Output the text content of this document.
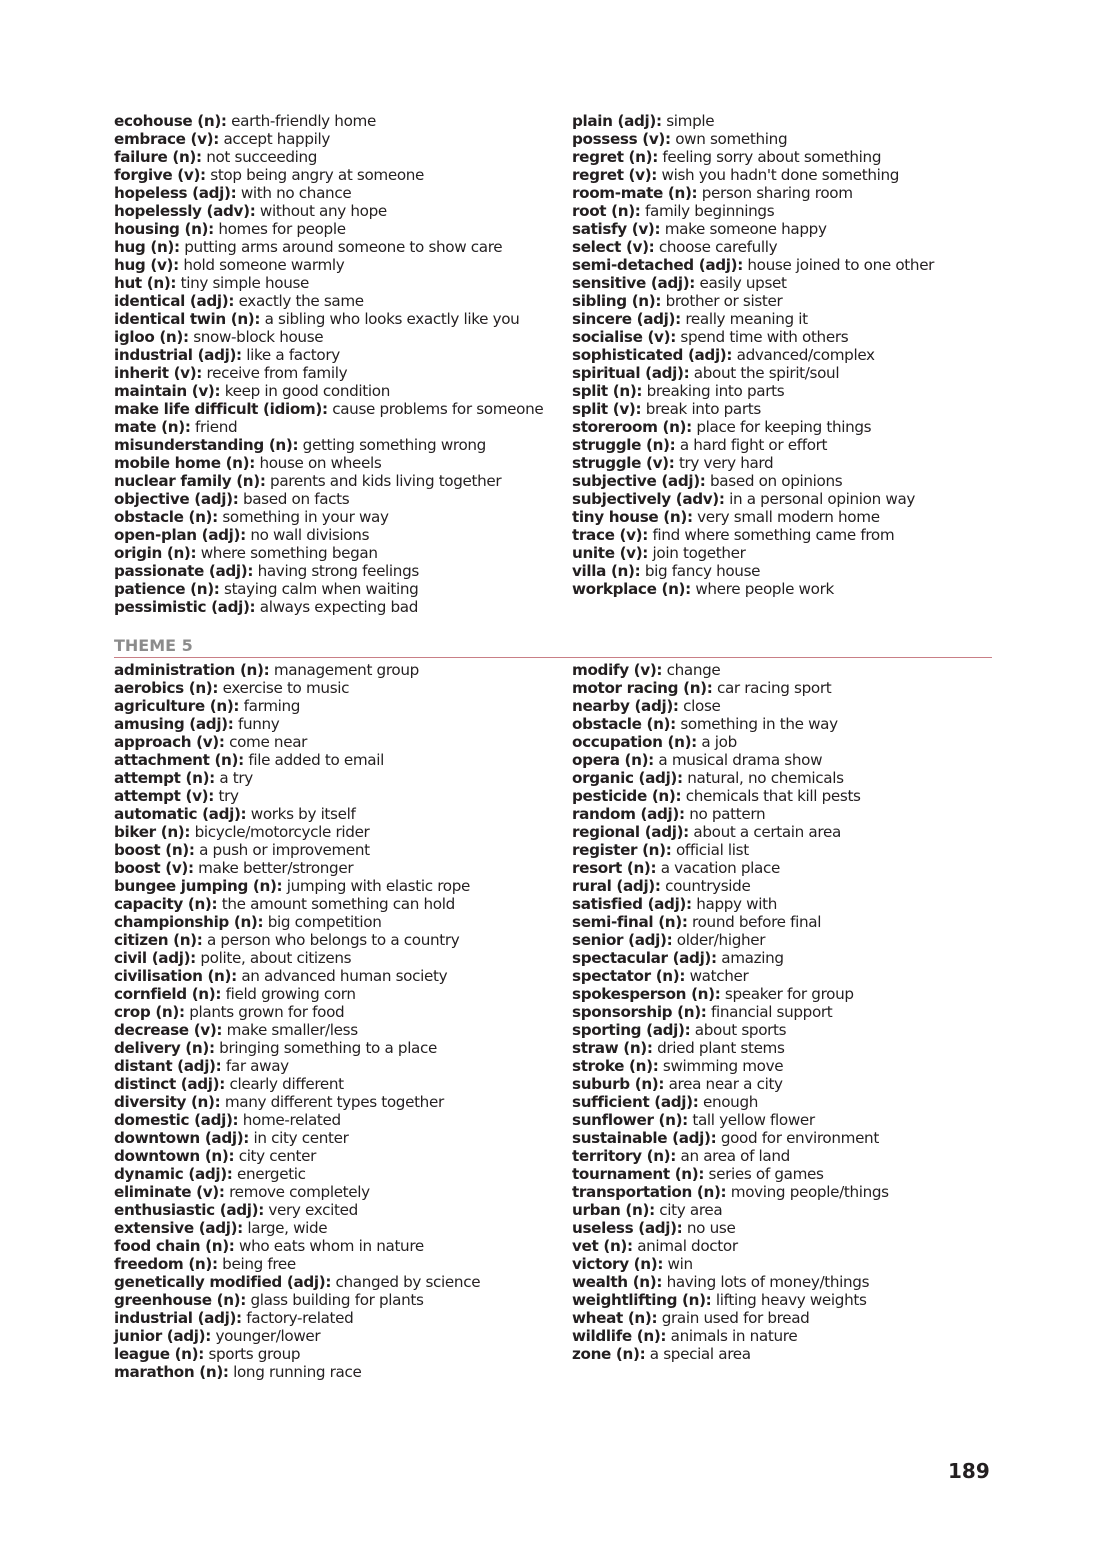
ecohouse (n): earth-friendly home
embrace (v): accept happily
failure (n): not succeeding
forgive (v): stop being angry at someone
hopeless (adj): with no chance
hopelessly (adv): without any hope
housing (n): homes for people
hug (n): putting arms around someone to show care
hug (v): hold someone warmly
hut (n): tiny simple house
identical (adj): exactly the same
identical twin (n): a sibling who looks exactly like you
igloo (n): snow-block house
industrial (adj): like a factory
inherit (v): receive from family
maintain (v): keep in good condition
make life difficult (idiom): cause problems for someone
mate (n): friend
misunderstanding (n): getting something wrong
mobile home (n): house on wheels
nuclear family (n): parents and kids living together
objective (adj): based on facts
obstacle (n): something in your way
open-plan (adj): no wall divisions
origin (n): where something began
passionate (adj): having strong feelings
patience (n): staying calm when waiting
pessimistic (adj): always expecting bad
plain (adj): simple
possess (v): own something
regret (n): feeling sorry about something
regret (v): wish you hadn't done something
room-mate (n): person sharing room
root (n): family beginnings
satisfy (v): make someone happy
select (v): choose carefully
semi-detached (adj): house joined to one other
sensitive (adj): easily upset
sibling (n): brother or sister
sincere (adj): really meaning it
socialise (v): spend time with others
sophisticated (adj): advanced/complex
spiritual (adj): about the spirit/soul
split (n): breaking into parts
split (v): break into parts
storeroom (n): place for keeping things
struggle (n): a hard fight or effort
struggle (v): try very hard
subjective (adj): based on opinions
subjectively (adv): in a personal opinion way
tiny house (n): very small modern home
trace (v): find where something came from
unite (v): join together
villa (n): big fancy house
workplace (n): where people work
THEME 5
administration (n): management group
aerobics (n): exercise to music
agriculture (n): farming
amusing (adj): funny
approach (v): come near
attachment (n): file added to email
attempt (n): a try
attempt (v): try
automatic (adj): works by itself
biker (n): bicycle/motorcycle rider
boost (n): a push or improvement
boost (v): make better/stronger
bungee jumping (n): jumping with elastic rope
capacity (n): the amount something can hold
championship (n): big competition
citizen (n): a person who belongs to a country
civil (adj): polite, about citizens
civilisation (n): an advanced human society
cornfield (n): field growing corn
crop (n): plants grown for food
decrease (v): make smaller/less
delivery (n): bringing something to a place
distant (adj): far away
distinct (adj): clearly different
diversity (n): many different types together
domestic (adj): home-related
downtown (adj): in city center
downtown (n): city center
dynamic (adj): energetic
eliminate (v): remove completely
enthusiastic (adj): very excited
extensive (adj): large, wide
food chain (n): who eats whom in nature
freedom (n): being free
genetically modified (adj): changed by science
greenhouse (n): glass building for plants
industrial (adj): factory-related
junior (adj): younger/lower
league (n): sports group
marathon (n): long running race
modify (v): change
motor racing (n): car racing sport
nearby (adj): close
obstacle (n): something in the way
occupation (n): a job
opera (n): a musical drama show
organic (adj): natural, no chemicals
pesticide (n): chemicals that kill pests
random (adj): no pattern
regional (adj): about a certain area
register (n): official list
resort (n): a vacation place
rural (adj): countryside
satisfied (adj): happy with
semi-final (n): round before final
senior (adj): older/higher
spectacular (adj): amazing
spectator (n): watcher
spokesperson (n): speaker for group
sponsorship (n): financial support
sporting (adj): about sports
straw (n): dried plant stems
stroke (n): swimming move
suburb (n): area near a city
sufficient (adj): enough
sunflower (n): tall yellow flower
sustainable (adj): good for environment
territory (n): an area of land
tournament (n): series of games
transportation (n): moving people/things
urban (n): city area
useless (adj): no use
vet (n): animal doctor
victory (n): win
wealth (n): having lots of money/things
weightlifting (n): lifting heavy weights
wheat (n): grain used for bread
wildlife (n): animals in nature
zone (n): a special area
189
